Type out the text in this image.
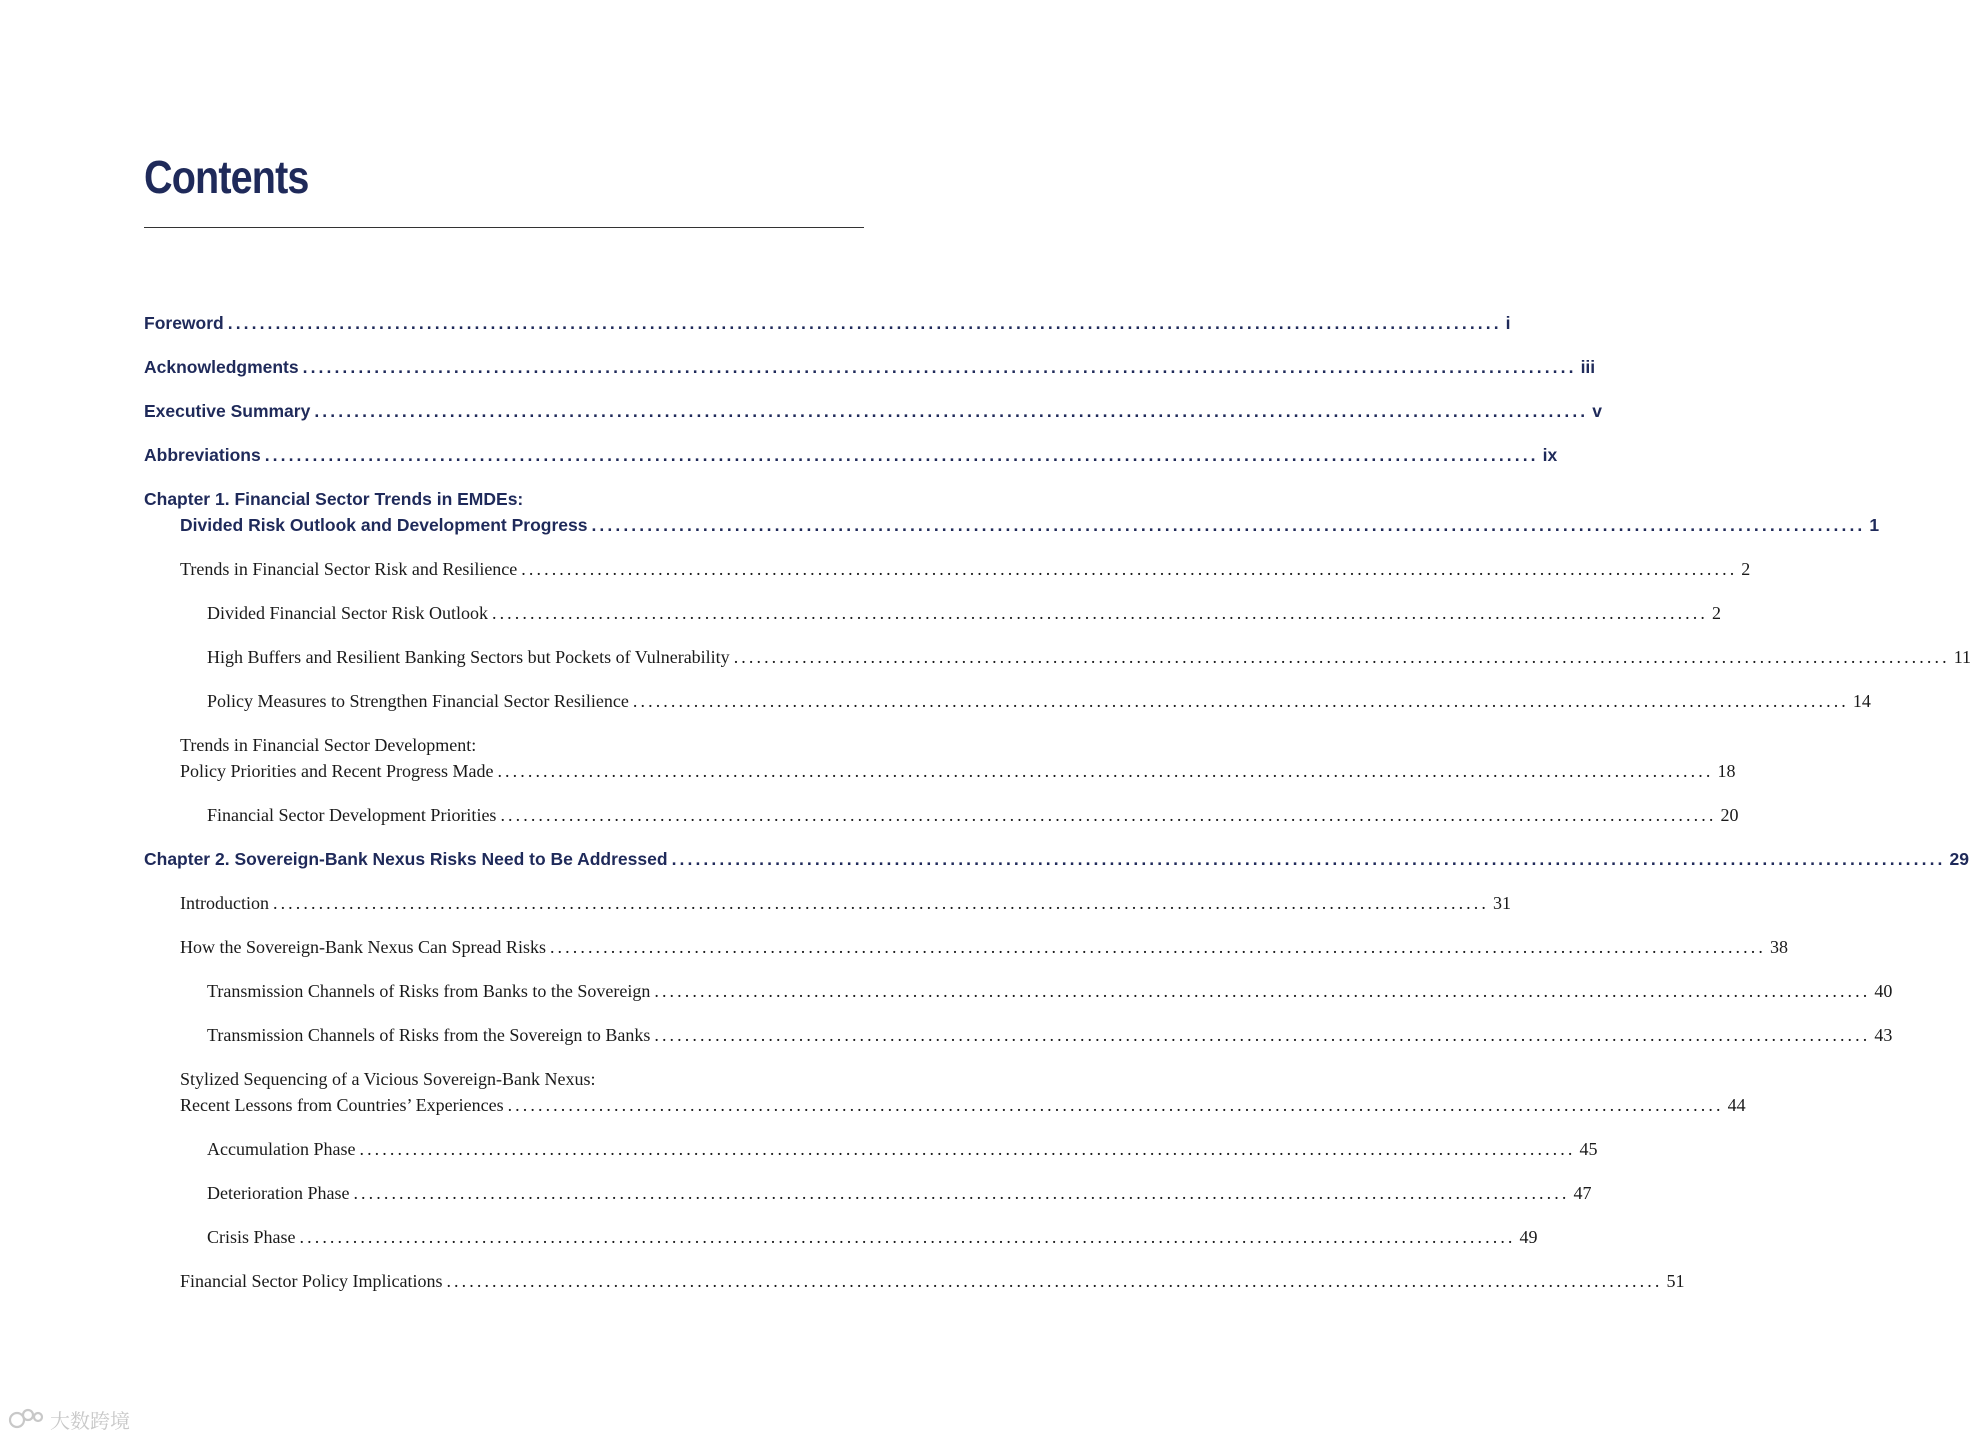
Contents
Foreword ................................................................................................................................................................ i
Acknowledgments ................................................................................................................................................................ iii
Executive Summary ................................................................................................................................................................ v
Abbreviations ................................................................................................................................................................ ix
Chapter 1. Financial Sector Trends in EMDEs:
Divided Risk Outlook and Development Progress ................................................................................................................................................................ 1
Trends in Financial Sector Risk and Resilience ................................................................................................................................................................ 2
Divided Financial Sector Risk Outlook ................................................................................................................................................................ 2
High Buffers and Resilient Banking Sectors but Pockets of Vulnerability ................................................................................................................................................................ 11
Policy Measures to Strengthen Financial Sector Resilience ................................................................................................................................................................ 14
Trends in Financial Sector Development:
Policy Priorities and Recent Progress Made ................................................................................................................................................................ 18
Financial Sector Development Priorities ................................................................................................................................................................ 20
Chapter 2. Sovereign-Bank Nexus Risks Need to Be Addressed ................................................................................................................................................................ 29
Introduction ................................................................................................................................................................ 31
How the Sovereign-Bank Nexus Can Spread Risks ................................................................................................................................................................ 38
Transmission Channels of Risks from Banks to the Sovereign ................................................................................................................................................................ 40
Transmission Channels of Risks from the Sovereign to Banks ................................................................................................................................................................ 43
Stylized Sequencing of a Vicious Sovereign-Bank Nexus:
Recent Lessons from Countries’ Experiences ................................................................................................................................................................ 44
Accumulation Phase ................................................................................................................................................................ 45
Deterioration Phase ................................................................................................................................................................ 47
Crisis Phase ................................................................................................................................................................ 49
Financial Sector Policy Implications ................................................................................................................................................................ 51
大数跨境
